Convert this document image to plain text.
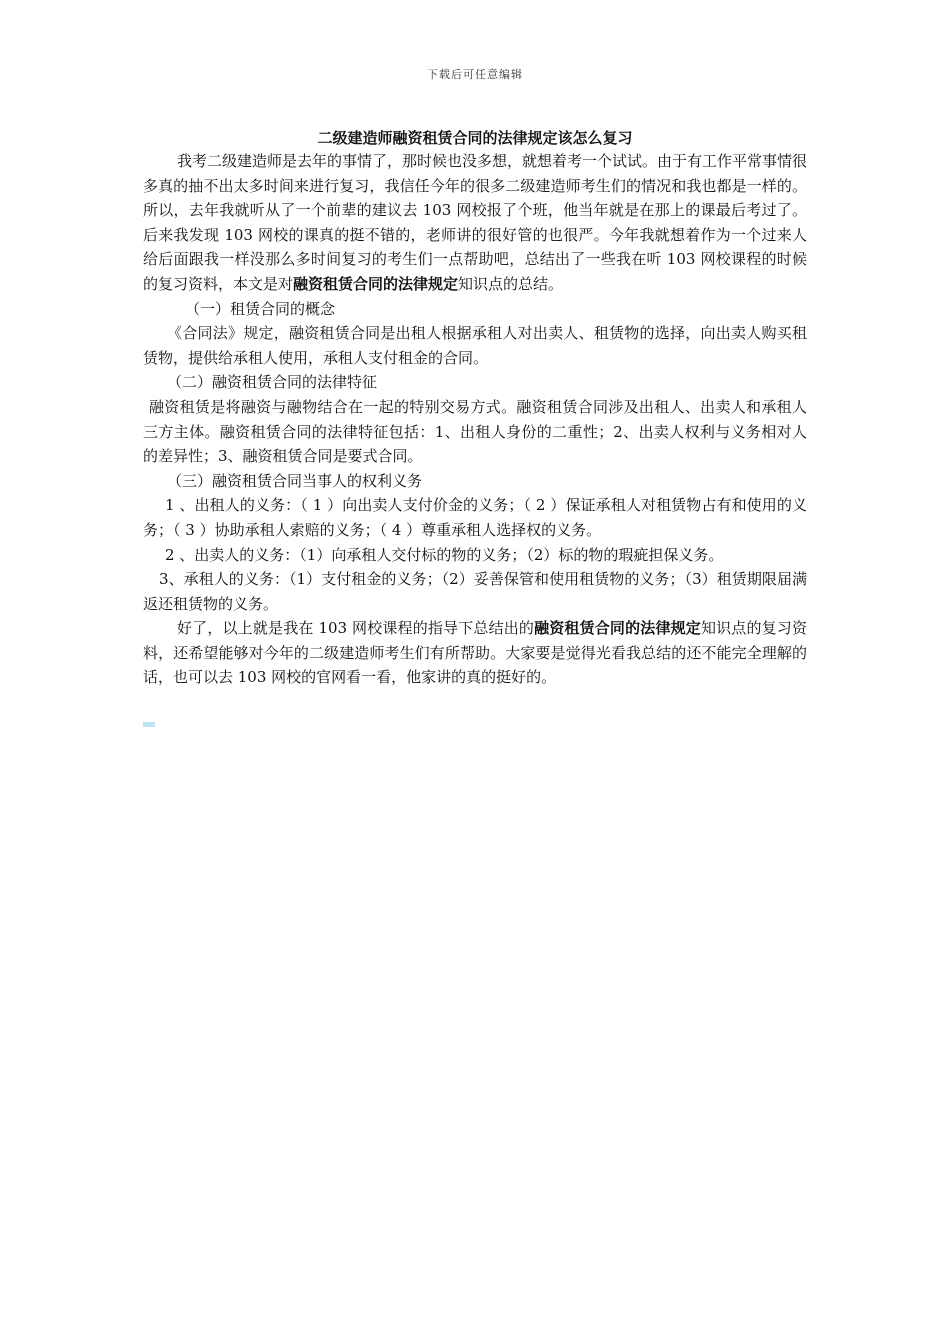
下载后可任意编辑
二级建造师融资租赁合同的法律规定该怎么复习

我考二级建造师是去年的事情了，那时候也没多想，就想着考一个试试。由于有工作平常事情很多真的抽不出太多时间来进行复习，我信任今年的很多二级建造师考生们的情况和我也都是一样的。所以，去年我就听从了一个前辈的建议去 103 网校报了个班，他当年就是在那上的课最后考过了。后来我发现 103 网校的课真的挺不错的，老师讲的很好管的也很严。今年我就想着作为一个过来人给后面跟我一样没那么多时间复习的考生们一点帮助吧，总结出了一些我在听 103 网校课程的时候的复习资料，本文是对融资租赁合同的法律规定知识点的总结。

（一）租赁合同的概念

《合同法》规定，融资租赁合同是出租人根据承租人对出卖人、租赁物的选择，向出卖人购买租赁物，提供给承租人使用，承租人支付租金的合同。

（二）融资租赁合同的法律特征

融资租赁是将融资与融物结合在一起的特别交易方式。融资租赁合同涉及出租人、出卖人和承租人三方主体。融资租赁合同的法律特征包括：1、出租人身份的二重性；2、出卖人权利与义务相对人的差异性；3、融资租赁合同是要式合同。

（三）融资租赁合同当事人的权利义务

1 、出租人的义务：（ 1 ）向出卖人支付价金的义务；（ 2 ）保证承租人对租赁物占有和使用的义务；（ 3 ）协助承租人索赔的义务；（ 4 ）尊重承租人选择权的义务。

2 、出卖人的义务：（1）向承租人交付标的物的义务；（2）标的物的瑕疵担保义务。

3、承租人的义务：（1）支付租金的义务；（2）妥善保管和使用租赁物的义务；（3）租赁期限届满返还租赁物的义务。

好了，以上就是我在 103 网校课程的指导下总结出的融资租赁合同的法律规定知识点的复习资料，还希望能够对今年的二级建造师考生们有所帮助。大家要是觉得光看我总结的还不能完全理解的话，也可以去 103 网校的官网看一看，他家讲的真的挺好的。
